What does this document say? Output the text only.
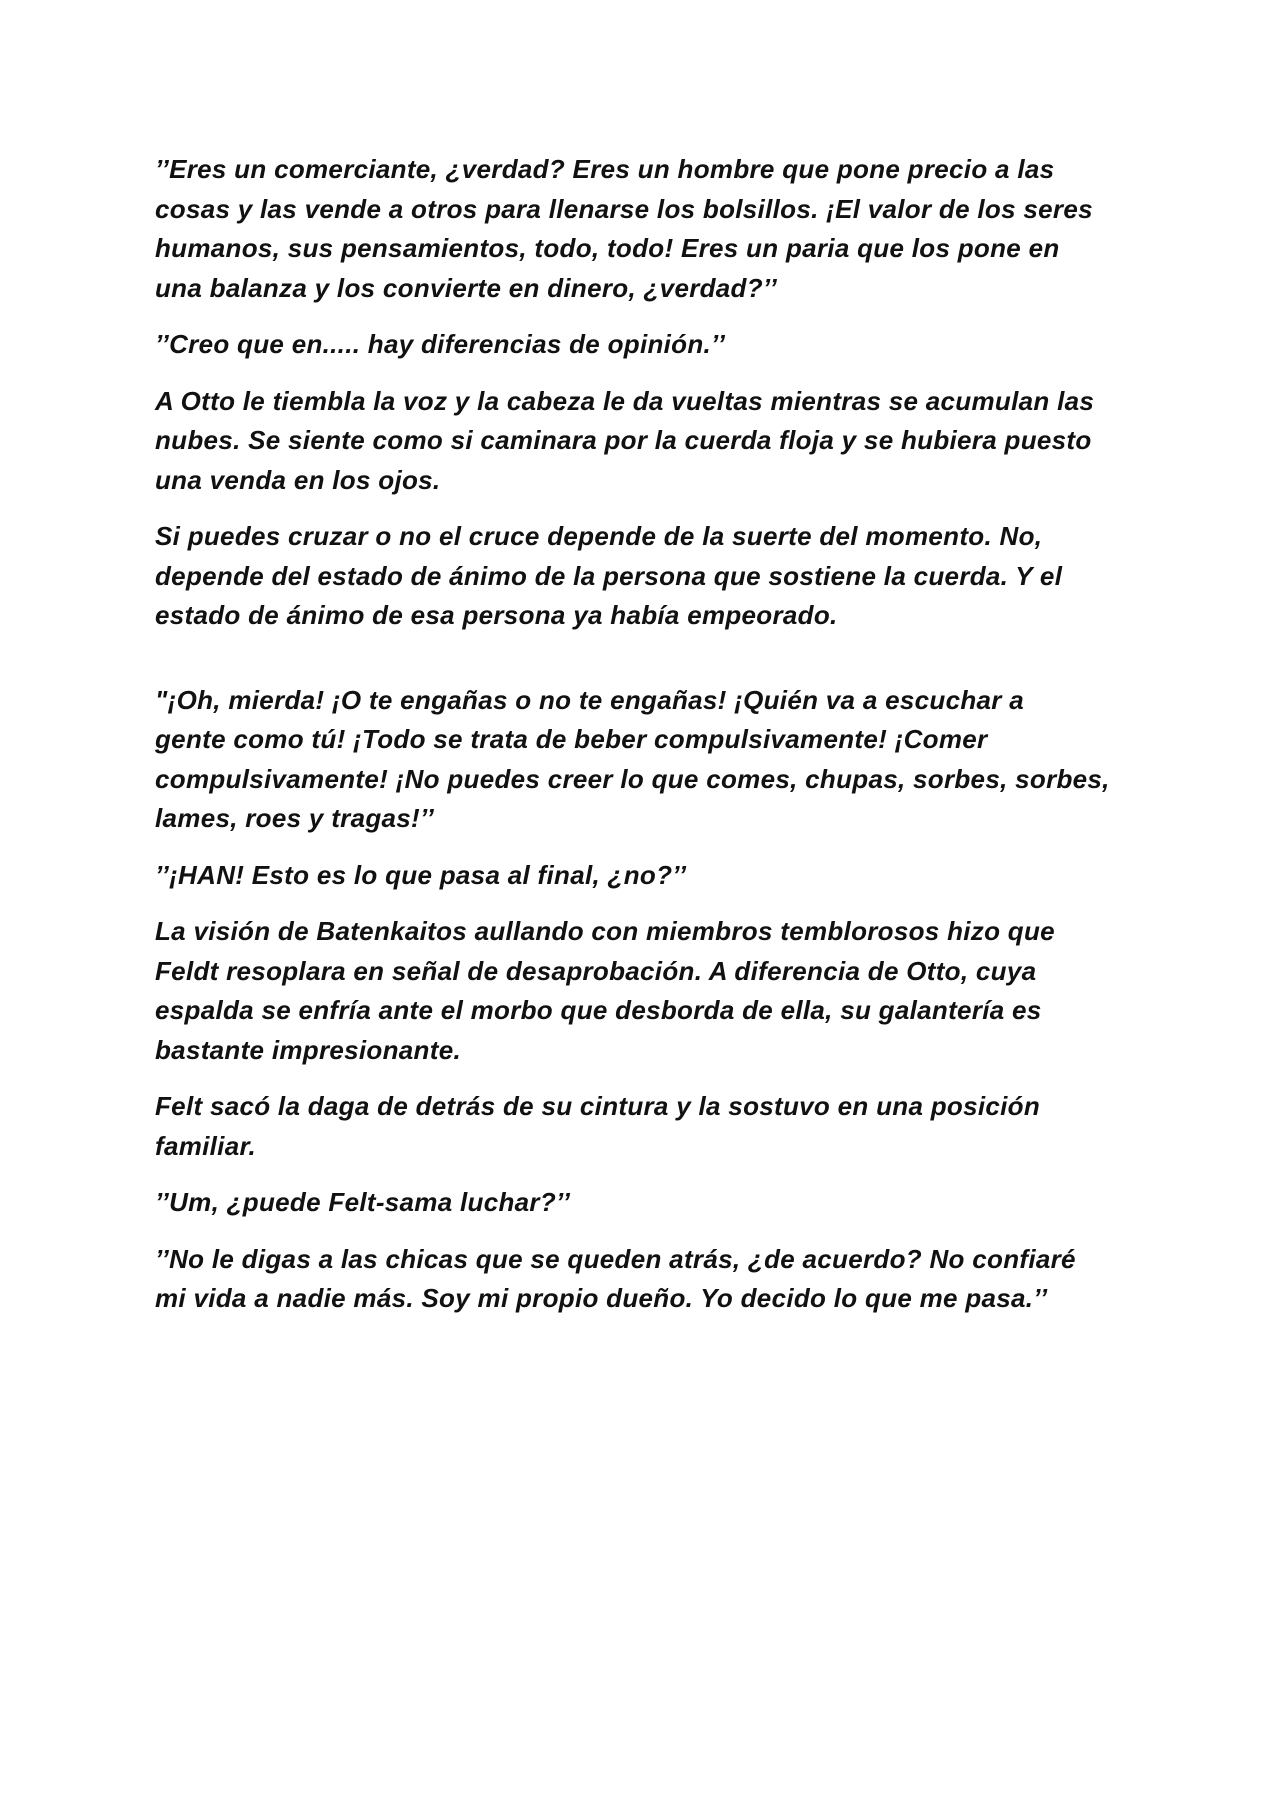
’’Eres un comerciante, ¿verdad? Eres un hombre que pone precio a las
cosas y las vende a otros para llenarse los bolsillos. ¡El valor de los seres
humanos, sus pensamientos, todo, todo! Eres un paria que los pone en
una balanza y los convierte en dinero, ¿verdad?’’

’’Creo que en..... hay diferencias de opinión.’’

A Otto le tiembla la voz y la cabeza le da vueltas mientras se acumulan las
nubes. Se siente como si caminara por la cuerda floja y se hubiera puesto
una venda en los ojos.

Si puedes cruzar o no el cruce depende de la suerte del momento. No,
depende del estado de ánimo de la persona que sostiene la cuerda. Y el
estado de ánimo de esa persona ya había empeorado.

"¡Oh, mierda! ¡O te engañas o no te engañas! ¡Quién va a escuchar a
gente como tú! ¡Todo se trata de beber compulsivamente! ¡Comer
compulsivamente! ¡No puedes creer lo que comes, chupas, sorbes, sorbes,
lames, roes y tragas!’’

’’¡HAN! Esto es lo que pasa al final, ¿no?’’

La visión de Batenkaitos aullando con miembros temblorosos hizo que
Feldt resoplara en señal de desaprobación. A diferencia de Otto, cuya
espalda se enfría ante el morbo que desborda de ella, su galantería es
bastante impresionante.

Felt sacó la daga de detrás de su cintura y la sostuvo en una posición
familiar.

’’Um, ¿puede Felt-sama luchar?’’

’’No le digas a las chicas que se queden atrás, ¿de acuerdo? No confiaré
mi vida a nadie más. Soy mi propio dueño. Yo decido lo que me pasa.’’
